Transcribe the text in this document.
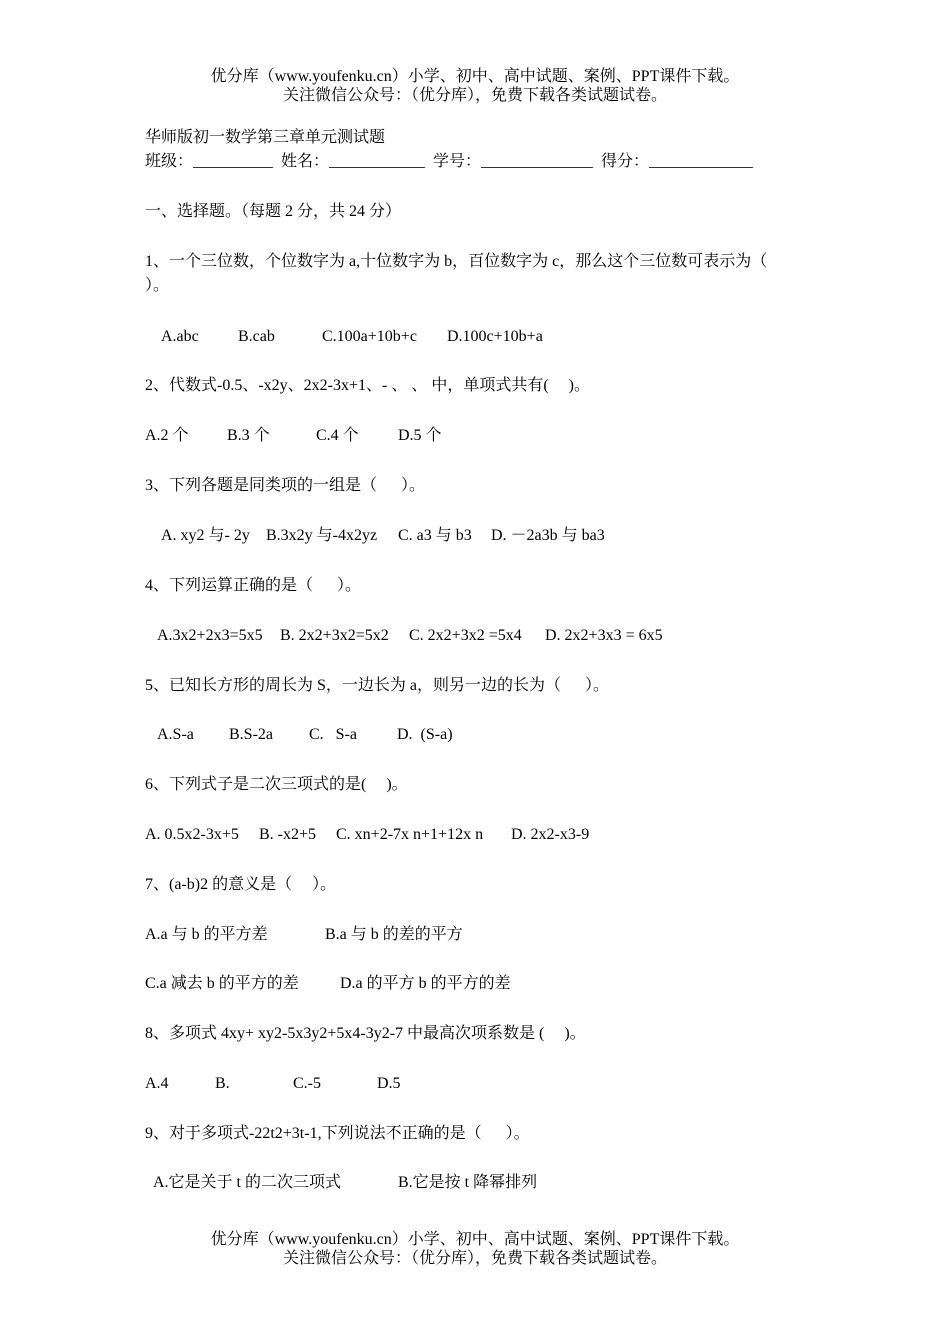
优分库（www.youfenku.cn）小学、初中、高中试题、案例、PPT课件下载。
关注微信公众号：（优分库），免费下载各类试题试卷。
华师版初一数学第三章单元测试题
班级：__________  姓名：____________  学号：______________  得分：_____________
一、选择题。（每题 2 分，共 24 分）
1、一个三位数，个位数字为 a,十位数字为 b，百位数字为 c，那么这个三位数可表示为（
）。
A.abc B.cab	C.100a+10b+c D.100c+10b+a
2、代数式-0.5、-x2y、2x2-3x+1、- 、 、 中，单项式共有(     )。
A.2 个 B.3 个	C.4 个 D.5 个
3、下列各题是同类项的一组是（      ）。
A. xy2 与- 2y B.3x2y 与-4x2yz C. a3 与 b3 D. －2a3b 与 ba3
4、下列运算正确的是（      ）。
A.3x2+2x3=5x5 B. 2x2+3x2=5x2 C. 2x2+3x2 =5x4 D. 2x2+3x3 = 6x5
5、已知长方形的周长为 S，一边长为 a，则另一边的长为（      ）。
A.S-a B.S-2a C.   S-a	D.  (S-a)
6、下列式子是二次三项式的是(     )。
A. 0.5x2-3x+5 B. -x2+5 C. xn+2-7x n+1+12x n D. 2x2-x3-9
7、(a-b)2 的意义是（     ）。
A.a 与 b 的平方差	B.a 与 b 的差的平方
C.a 减去 b 的平方的差	D.a 的平方 b 的平方的差
8、多项式 4xy+ xy2-5x3y2+5x4-3y2-7 中最高次项系数是 (     )。
A.4	B.	C.-5	D.5
9、对于多项式-22t2+3t-1,下列说法不正确的是（      ）。
A.它是关于 t 的二次三项式	B.它是按 t 降幂排列
优分库（www.youfenku.cn）小学、初中、高中试题、案例、PPT课件下载。
关注微信公众号：（优分库），免费下载各类试题试卷。
